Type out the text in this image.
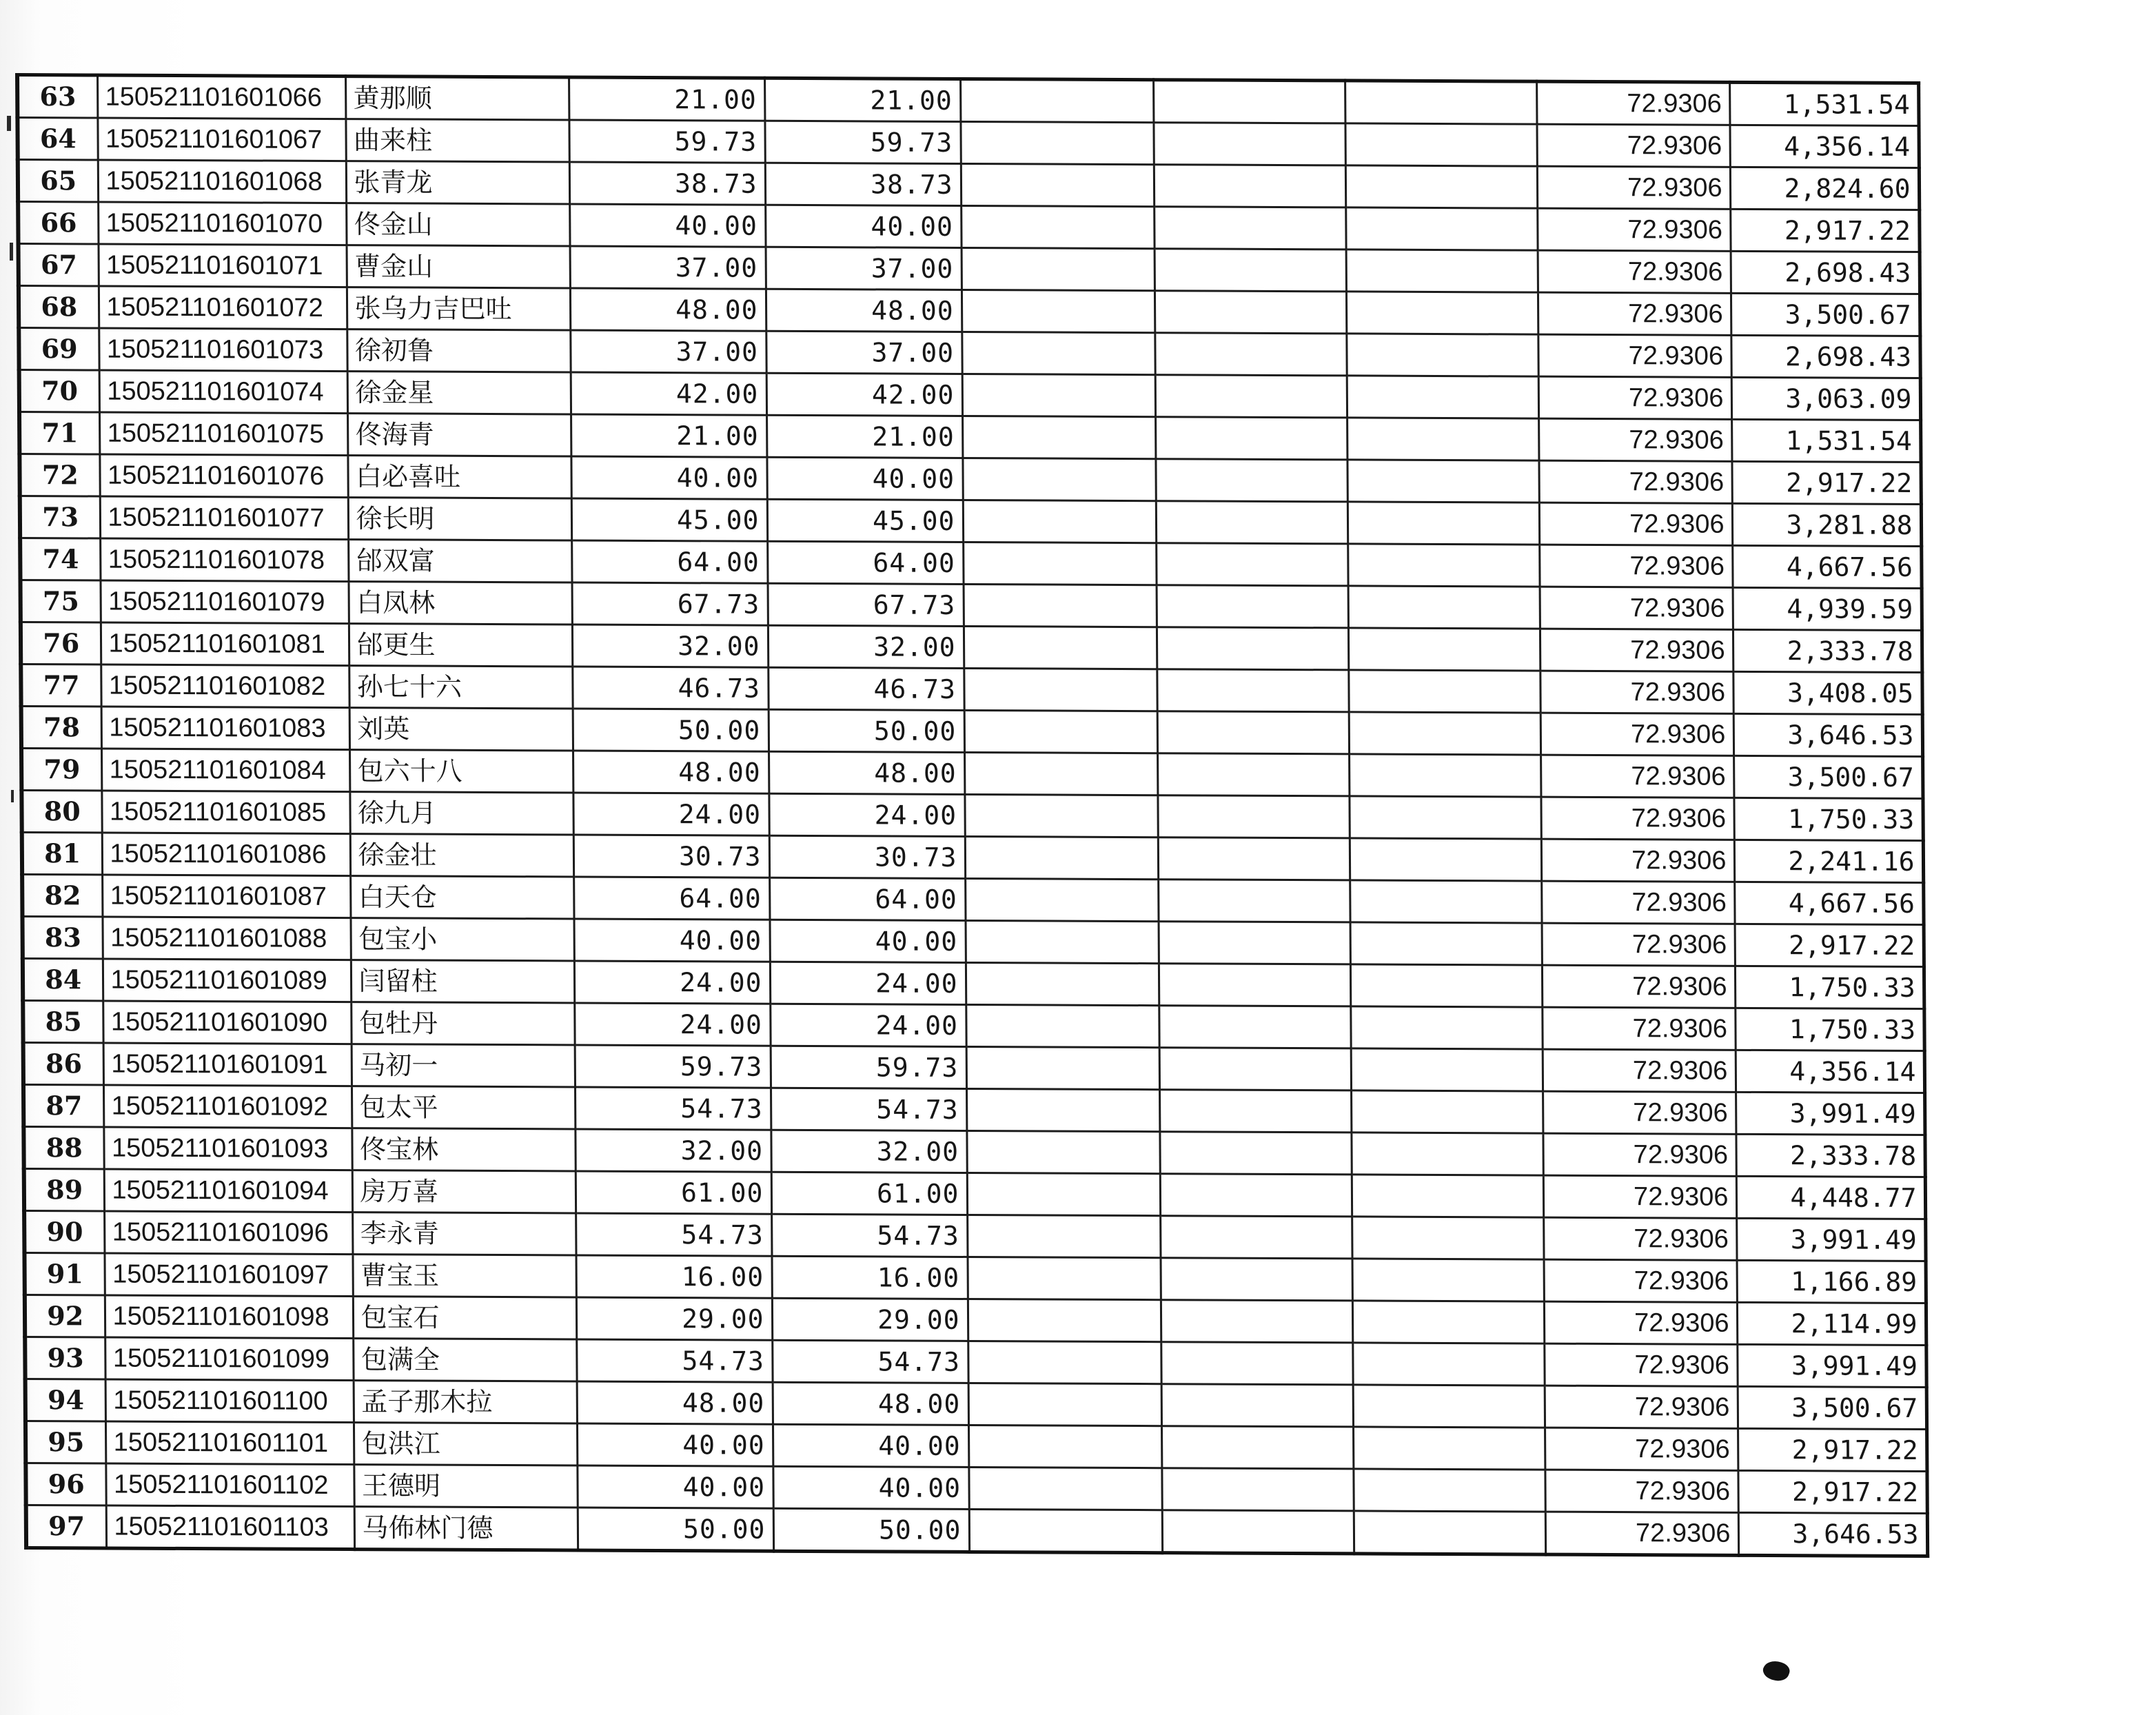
63	150521101601066	黄那顺	21.00	21.00				72.9306	1,531.54
64	150521101601067	曲来柱	59.73	59.73				72.9306	4,356.14
65	150521101601068	张青龙	38.73	38.73				72.9306	2,824.60
66	150521101601070	佟金山	40.00	40.00				72.9306	2,917.22
67	150521101601071	曹金山	37.00	37.00				72.9306	2,698.43
68	150521101601072	张乌力吉巴吐	48.00	48.00				72.9306	3,500.67
69	150521101601073	徐初鲁	37.00	37.00				72.9306	2,698.43
70	150521101601074	徐金星	42.00	42.00				72.9306	3,063.09
71	150521101601075	佟海青	21.00	21.00				72.9306	1,531.54
72	150521101601076	白必喜吐	40.00	40.00				72.9306	2,917.22
73	150521101601077	徐长明	45.00	45.00				72.9306	3,281.88
74	150521101601078	邰双富	64.00	64.00				72.9306	4,667.56
75	150521101601079	白凤林	67.73	67.73				72.9306	4,939.59
76	150521101601081	邰更生	32.00	32.00				72.9306	2,333.78
77	150521101601082	孙七十六	46.73	46.73				72.9306	3,408.05
78	150521101601083	刘英	50.00	50.00				72.9306	3,646.53
79	150521101601084	包六十八	48.00	48.00				72.9306	3,500.67
80	150521101601085	徐九月	24.00	24.00				72.9306	1,750.33
81	150521101601086	徐金壮	30.73	30.73				72.9306	2,241.16
82	150521101601087	白天仓	64.00	64.00				72.9306	4,667.56
83	150521101601088	包宝小	40.00	40.00				72.9306	2,917.22
84	150521101601089	闫留柱	24.00	24.00				72.9306	1,750.33
85	150521101601090	包牡丹	24.00	24.00				72.9306	1,750.33
86	150521101601091	马初一	59.73	59.73				72.9306	4,356.14
87	150521101601092	包太平	54.73	54.73				72.9306	3,991.49
88	150521101601093	佟宝林	32.00	32.00				72.9306	2,333.78
89	150521101601094	房万喜	61.00	61.00				72.9306	4,448.77
90	150521101601096	李永青	54.73	54.73				72.9306	3,991.49
91	150521101601097	曹宝玉	16.00	16.00				72.9306	1,166.89
92	150521101601098	包宝石	29.00	29.00				72.9306	2,114.99
93	150521101601099	包满全	54.73	54.73				72.9306	3,991.49
94	150521101601100	孟子那木拉	48.00	48.00				72.9306	3,500.67
95	150521101601101	包洪江	40.00	40.00				72.9306	2,917.22
96	150521101601102	王德明	40.00	40.00				72.9306	2,917.22
97	150521101601103	马佈林门德	50.00	50.00				72.9306	3,646.53
